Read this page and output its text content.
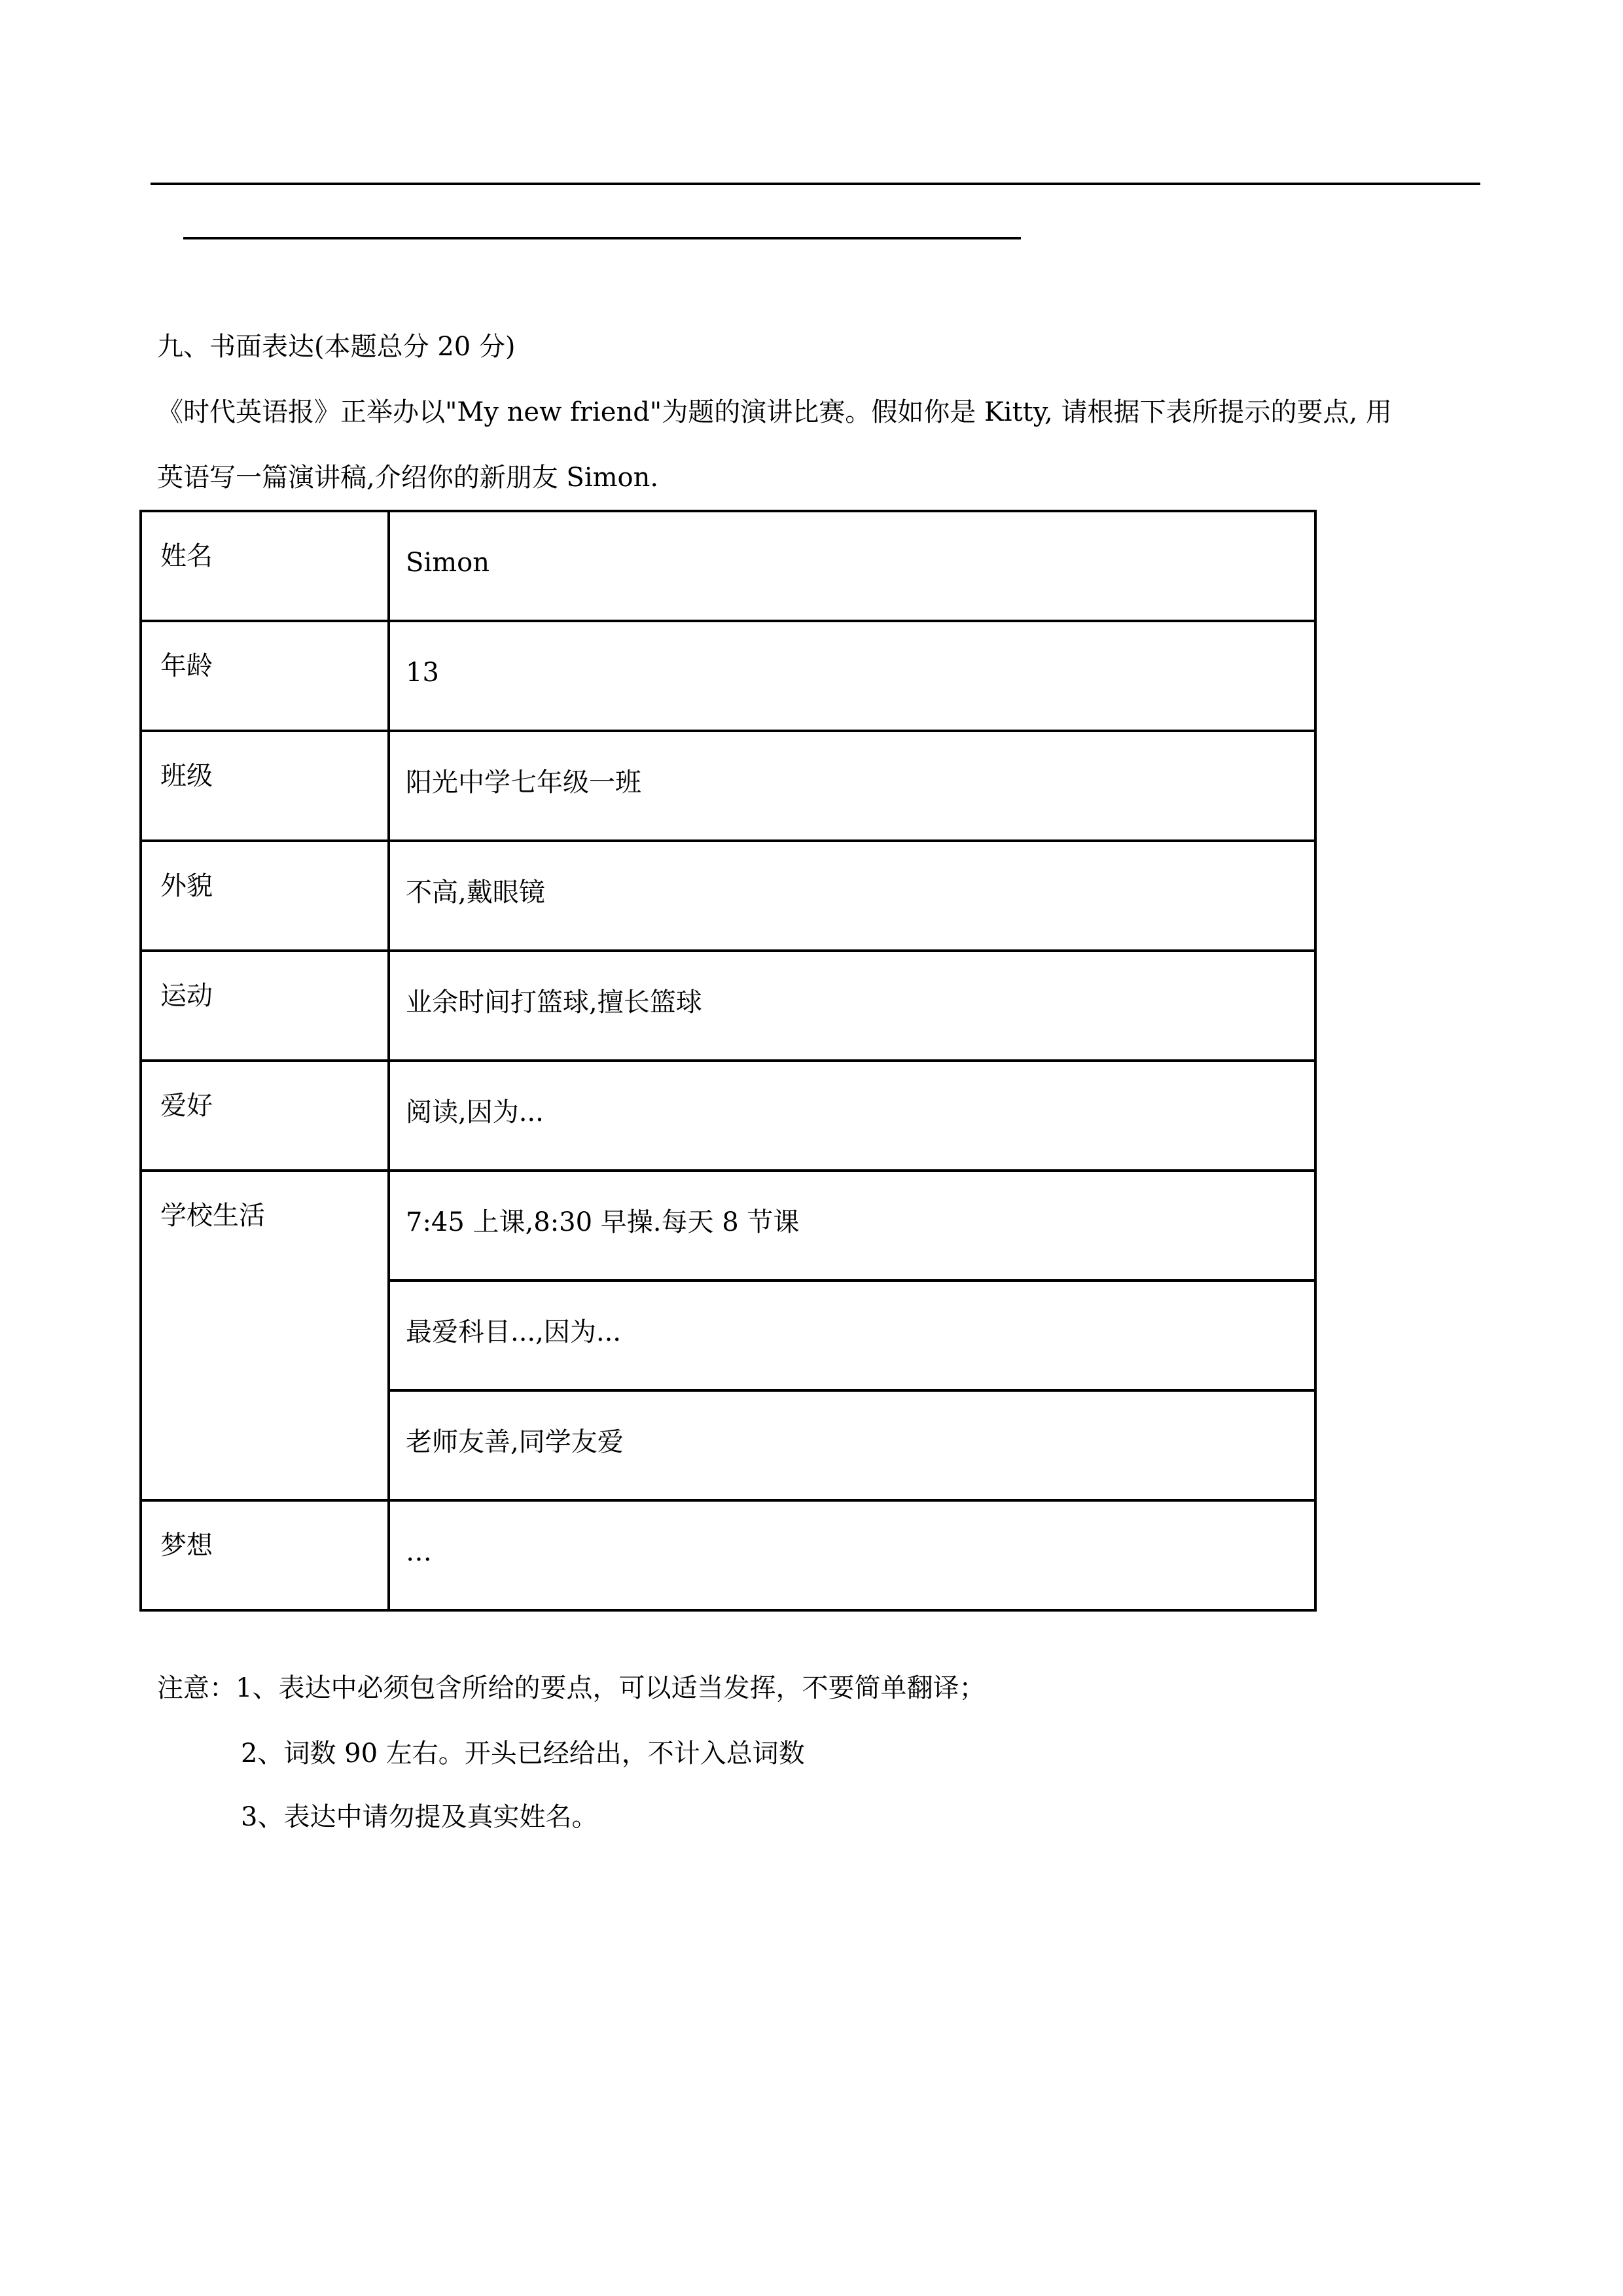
九、书面表达(本题总分 20 分)
《时代英语报》正举办以"My new friend"为题的演讲比赛。假如你是 Kitty, 请根据下表所提示的要点, 用
英语写一篇演讲稿,介绍你的新朋友 Simon.
姓名	Simon
年龄	13
班级	阳光中学七年级一班
外貌	不高,戴眼镜
运动	业余时间打篮球,擅长篮球
爱好	阅读,因为...
学校生活	7:45 上课,8:30 早操.每天 8 节课
	最爱科目...,因为...
	老师友善,同学友爱
梦想	…
注意：1、表达中必须包含所给的要点，可以适当发挥，不要简单翻译；
2、词数 90 左右。开头已经给出，不计入总词数
3、表达中请勿提及真实姓名。
